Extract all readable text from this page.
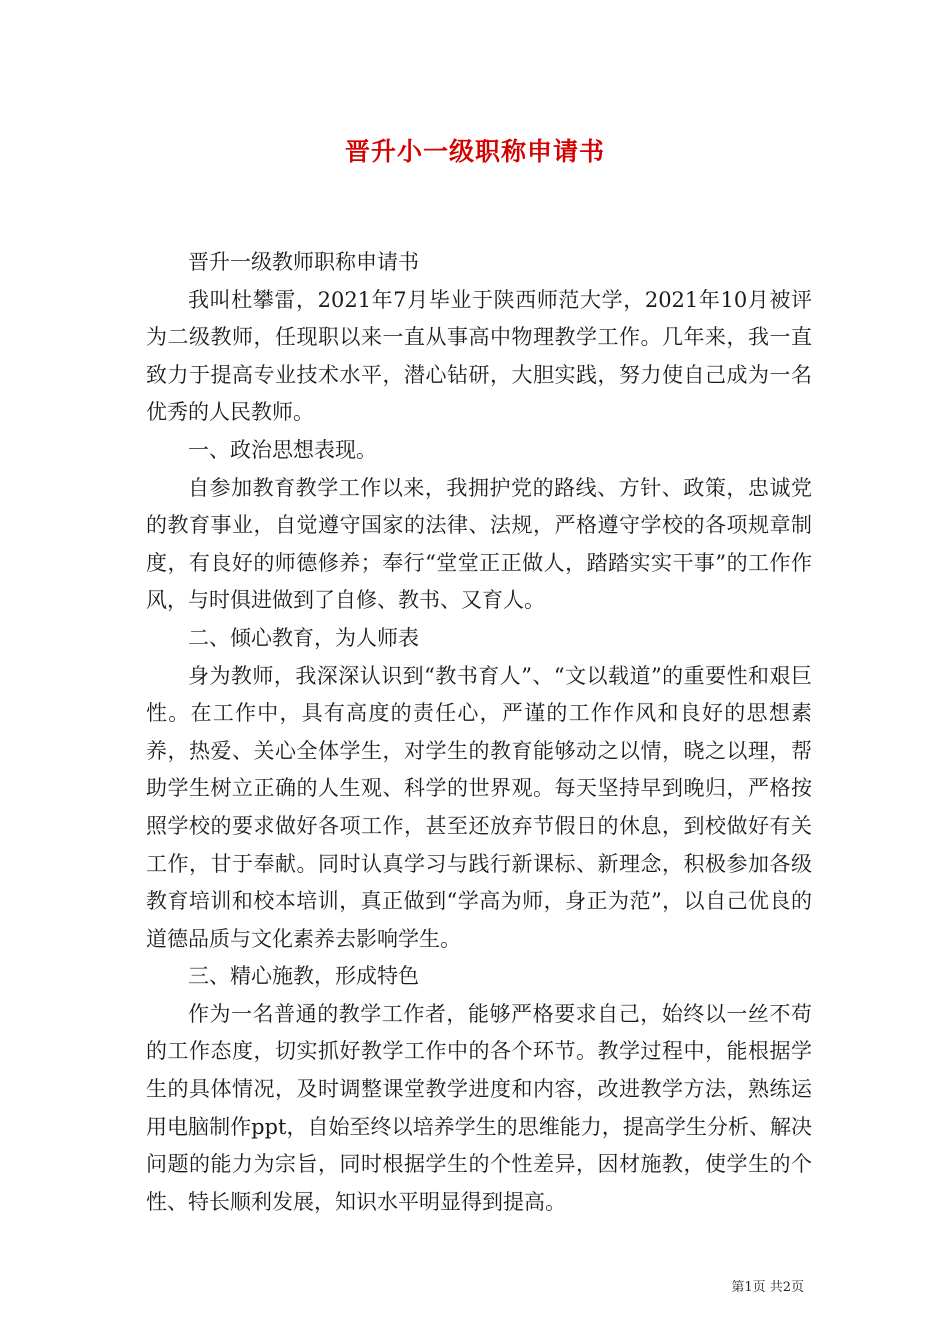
晋升小一级职称申请书

晋升一级教师职称申请书

我叫杜攀雷，2021年7月毕业于陕西师范大学，2021年10月被评为二级教师，任现职以来一直从事高中物理教学工作。几年来，我一直致力于提高专业技术水平，潜心钻研，大胆实践，努力使自己成为一名优秀的人民教师。

一、政治思想表现。

自参加教育教学工作以来，我拥护党的路线、方针、政策，忠诚党的教育事业，自觉遵守国家的法律、法规，严格遵守学校的各项规章制度，有良好的师德修养；奉行“堂堂正正做人，踏踏实实干事”的工作作风，与时俱进做到了自修、教书、又育人。

二、倾心教育，为人师表

身为教师，我深深认识到“教书育人”、“文以载道”的重要性和艰巨性。在工作中，具有高度的责任心，严谨的工作作风和良好的思想素养，热爱、关心全体学生，对学生的教育能够动之以情，晓之以理，帮助学生树立正确的人生观、科学的世界观。每天坚持早到晚归，严格按照学校的要求做好各项工作，甚至还放弃节假日的休息，到校做好有关工作，甘于奉献。同时认真学习与践行新课标、新理念，积极参加各级教育培训和校本培训，真正做到“学高为师，身正为范”，以自己优良的道德品质与文化素养去影响学生。

三、精心施教，形成特色

作为一名普通的教学工作者，能够严格要求自己，始终以一丝不苟的工作态度，切实抓好教学工作中的各个环节。教学过程中，能根据学生的具体情况，及时调整课堂教学进度和内容，改进教学方法，熟练运用电脑制作ppt，自始至终以培养学生的思维能力，提高学生分析、解决问题的能力为宗旨，同时根据学生的个性差异，因材施教，使学生的个性、特长顺利发展，知识水平明显得到提高。

第1页 共2页
